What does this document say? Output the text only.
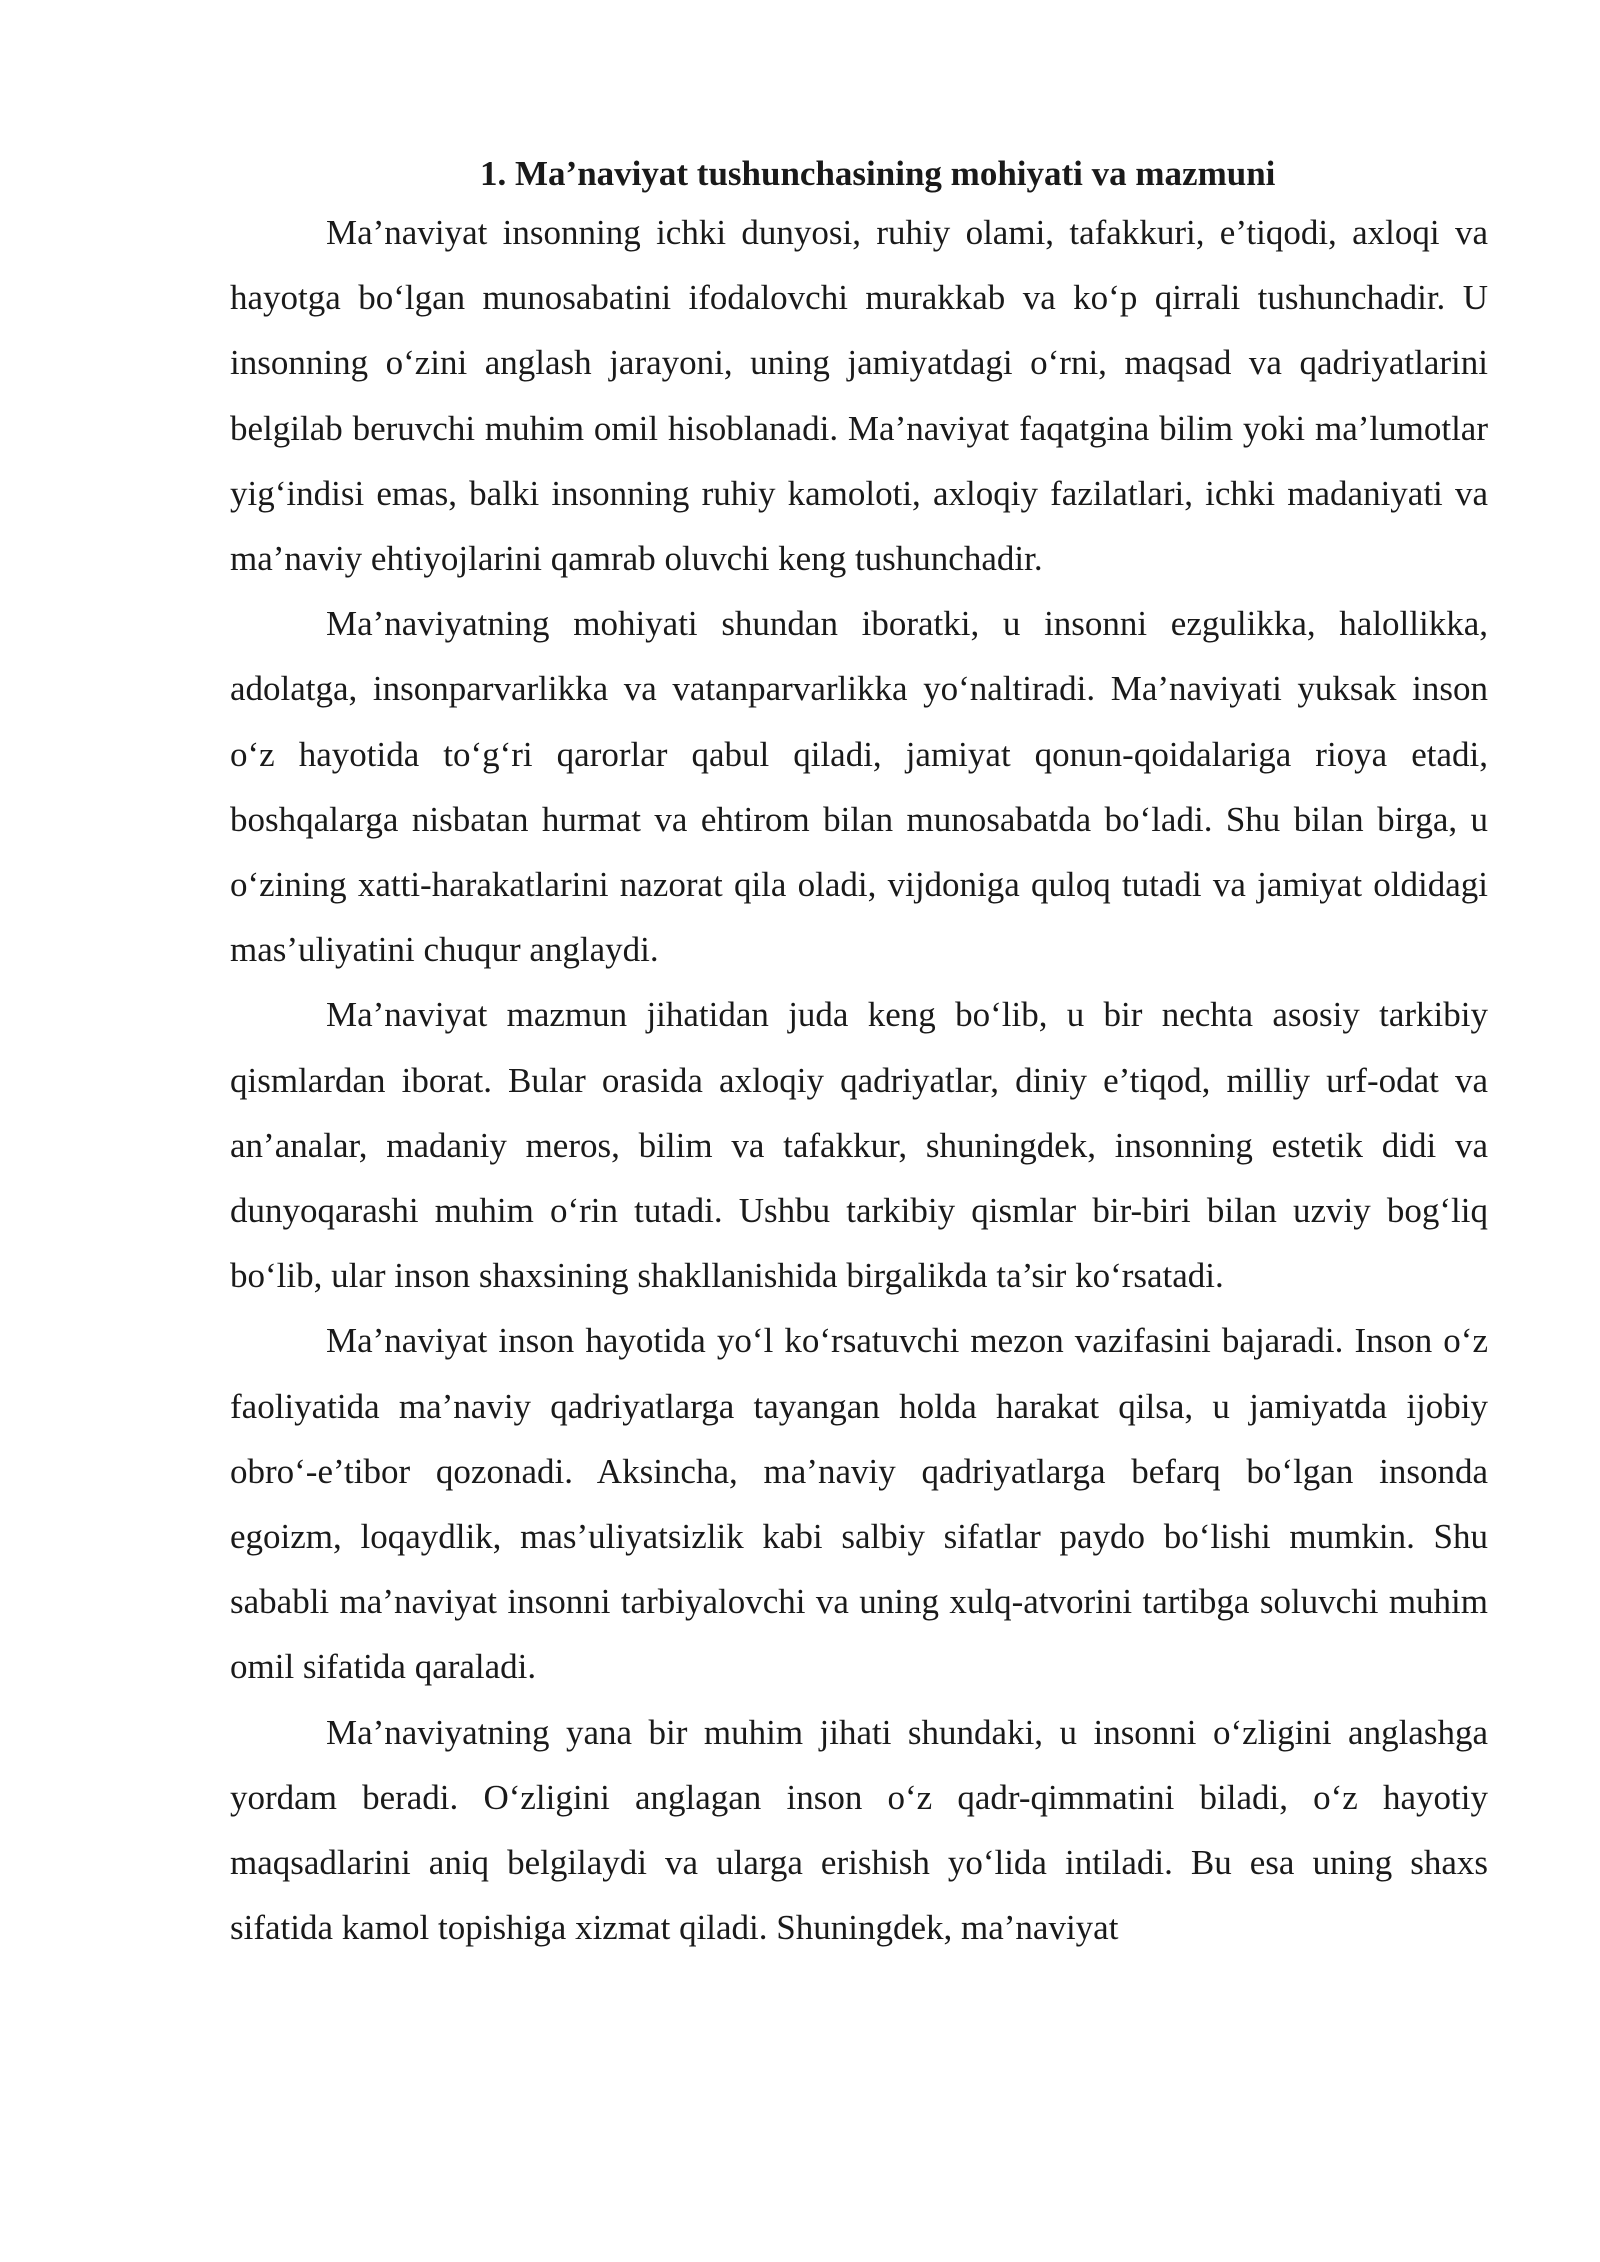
1. Ma’naviyat tushunchasining mohiyati va mazmuni

Ma’naviyat insonning ichki dunyosi, ruhiy olami, tafakkuri, e’tiqodi, axloqi va hayotga bo‘lgan munosabatini ifodalovchi murakkab va ko‘p qirrali tushunchadir. U insonning o‘zini anglash jarayoni, uning jamiyatdagi o‘rni, maqsad va qadriyatlarini belgilab beruvchi muhim omil hisoblanadi. Ma’naviyat faqatgina bilim yoki ma’lumotlar yig‘indisi emas, balki insonning ruhiy kamoloti, axloqiy fazilatlari, ichki madaniyati va ma’naviy ehtiyojlarini qamrab oluvchi keng tushunchadir.

Ma’naviyatning mohiyati shundan iboratki, u insonni ezgulikka, halollikka, adolatga, insonparvarlikka va vatanparvarlikka yo‘naltiradi. Ma’naviyati yuksak inson o‘z hayotida to‘g‘ri qarorlar qabul qiladi, jamiyat qonun-qoidalariga rioya etadi, boshqalarga nisbatan hurmat va ehtirom bilan munosabatda bo‘ladi. Shu bilan birga, u o‘zining xatti-harakatlarini nazorat qila oladi, vijdoniga quloq tutadi va jamiyat oldidagi mas’uliyatini chuqur anglaydi.

Ma’naviyat mazmun jihatidan juda keng bo‘lib, u bir nechta asosiy tarkibiy qismlardan iborat. Bular orasida axloqiy qadriyatlar, diniy e’tiqod, milliy urf-odat va an’analar, madaniy meros, bilim va tafakkur, shuningdek, insonning estetik didi va dunyoqarashi muhim o‘rin tutadi. Ushbu tarkibiy qismlar bir-biri bilan uzviy bog‘liq bo‘lib, ular inson shaxsining shakllanishida birgalikda ta’sir ko‘rsatadi.

Ma’naviyat inson hayotida yo‘l ko‘rsatuvchi mezon vazifasini bajaradi. Inson o‘z faoliyatida ma’naviy qadriyatlarga tayangan holda harakat qilsa, u jamiyatda ijobiy obro‘-e’tibor qozonadi. Aksincha, ma’naviy qadriyatlarga befarq bo‘lgan insonda egoizm, loqaydlik, mas’uliyatsizlik kabi salbiy sifatlar paydo bo‘lishi mumkin. Shu sababli ma’naviyat insonni tarbiyalovchi va uning xulq-atvorini tartibga soluvchi muhim omil sifatida qaraladi.

Ma’naviyatning yana bir muhim jihati shundaki, u insonni o‘zligini anglashga yordam beradi. O‘zligini anglagan inson o‘z qadr-qimmatini biladi, o‘z hayotiy maqsadlarini aniq belgilaydi va ularga erishish yo‘lida intiladi. Bu esa uning shaxs sifatida kamol topishiga xizmat qiladi. Shuningdek, ma’naviyat
